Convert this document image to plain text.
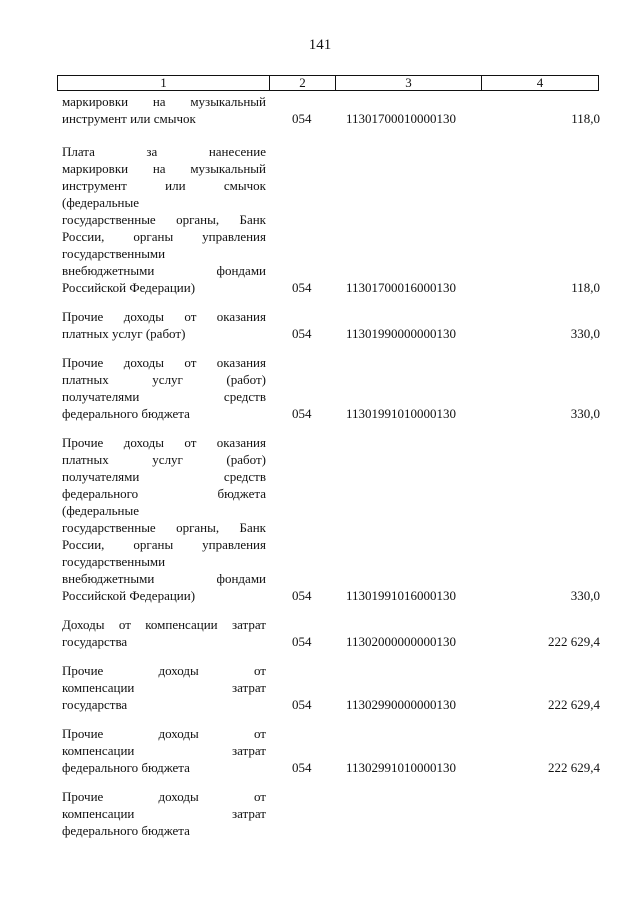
141
1	2	3	4
маркировки на музыкальный
инструмент или смычок	054	11301700010000130	118,0
Плата за нанесение
маркировки на музыкальный
инструмент или смычок
(федеральные
государственные органы, Банк
России, органы управления
государственными
внебюджетными фондами
Российской Федерации)	054	11301700016000130	118,0
Прочие доходы от оказания
платных услуг (работ)	054	11301990000000130	330,0
Прочие доходы от оказания
платных услуг (работ)
получателями средств
федерального бюджета	054	11301991010000130	330,0
Прочие доходы от оказания
платных услуг (работ)
получателями средств
федерального бюджета
(федеральные
государственные органы, Банк
России, органы управления
государственными
внебюджетными фондами
Российской Федерации)	054	11301991016000130	330,0
Доходы от компенсации затрат
государства	054	11302000000000130	222 629,4
Прочие доходы от
компенсации затрат
государства	054	11302990000000130	222 629,4
Прочие доходы от
компенсации затрат
федерального бюджета	054	11302991010000130	222 629,4
Прочие доходы от
компенсации затрат
федерального бюджета
